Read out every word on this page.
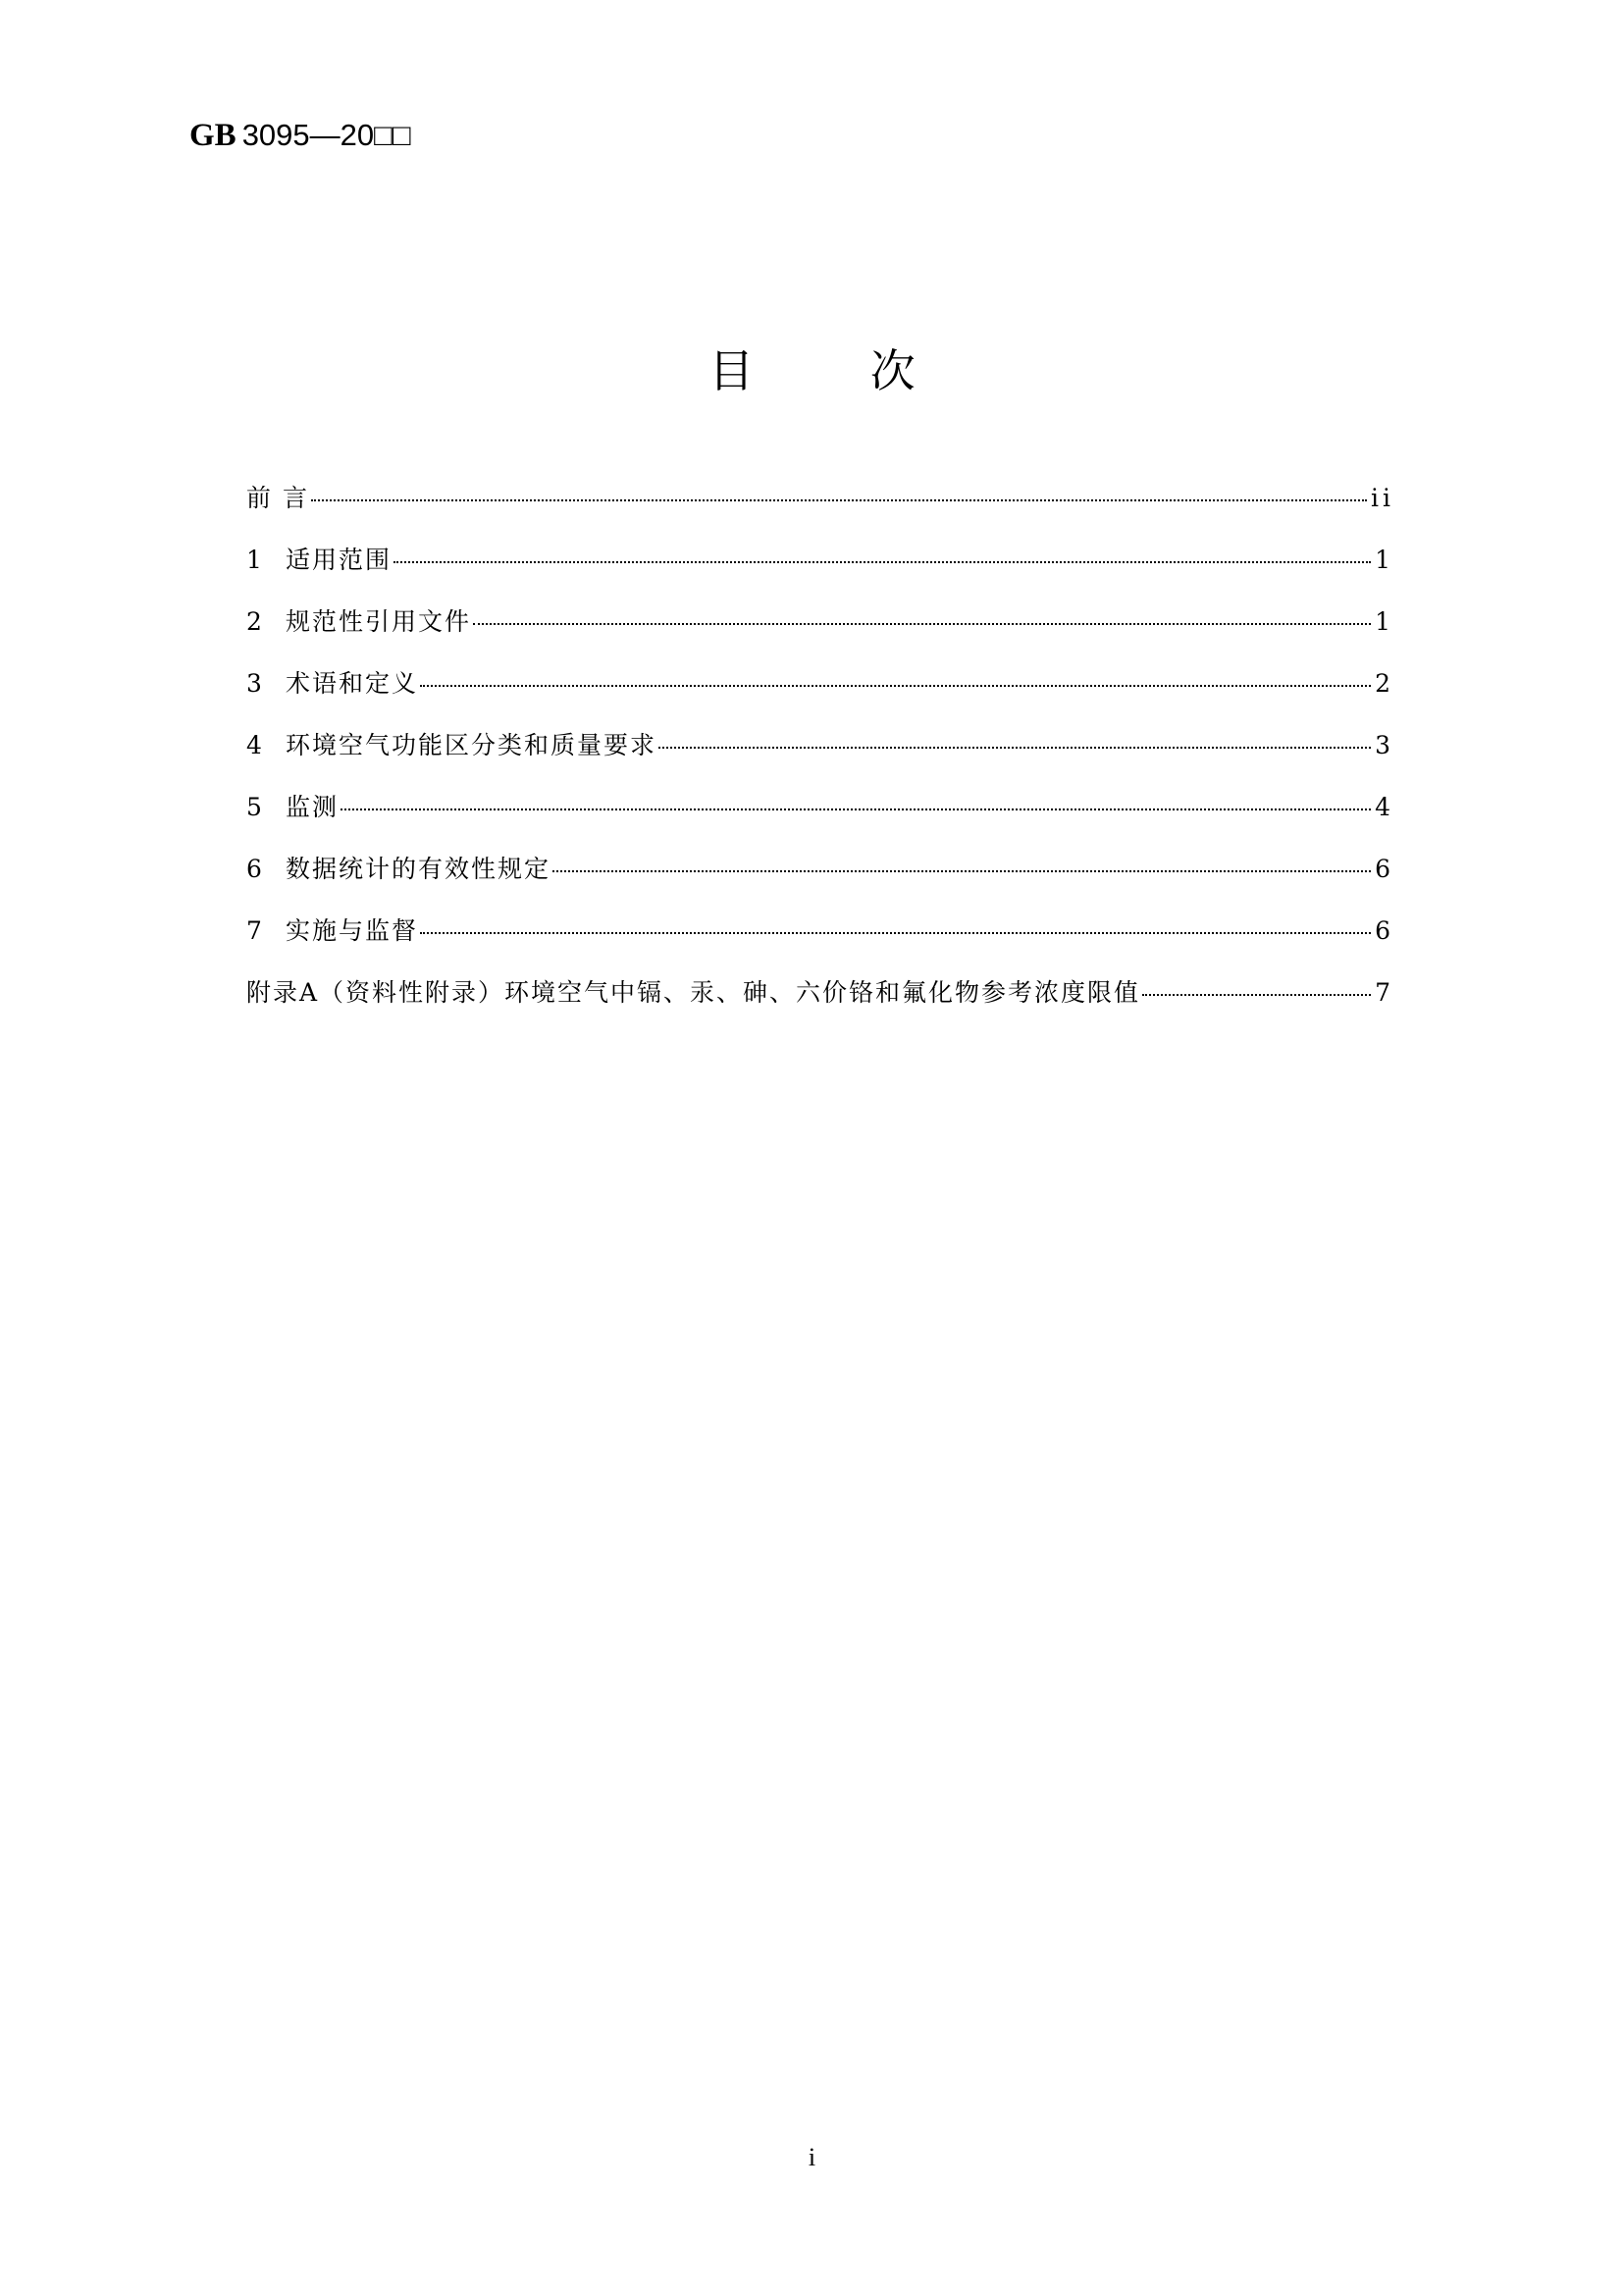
GB 3095—20□□
目 次
前 言	ii
1 适用范围	1
2 规范性引用文件	1
3 术语和定义	2
4 环境空气功能区分类和质量要求	3
5 监测	4
6 数据统计的有效性规定	6
7 实施与监督	6
附录A（资料性附录）环境空气中镉、汞、砷、六价铬和氟化物参考浓度限值	7
i
